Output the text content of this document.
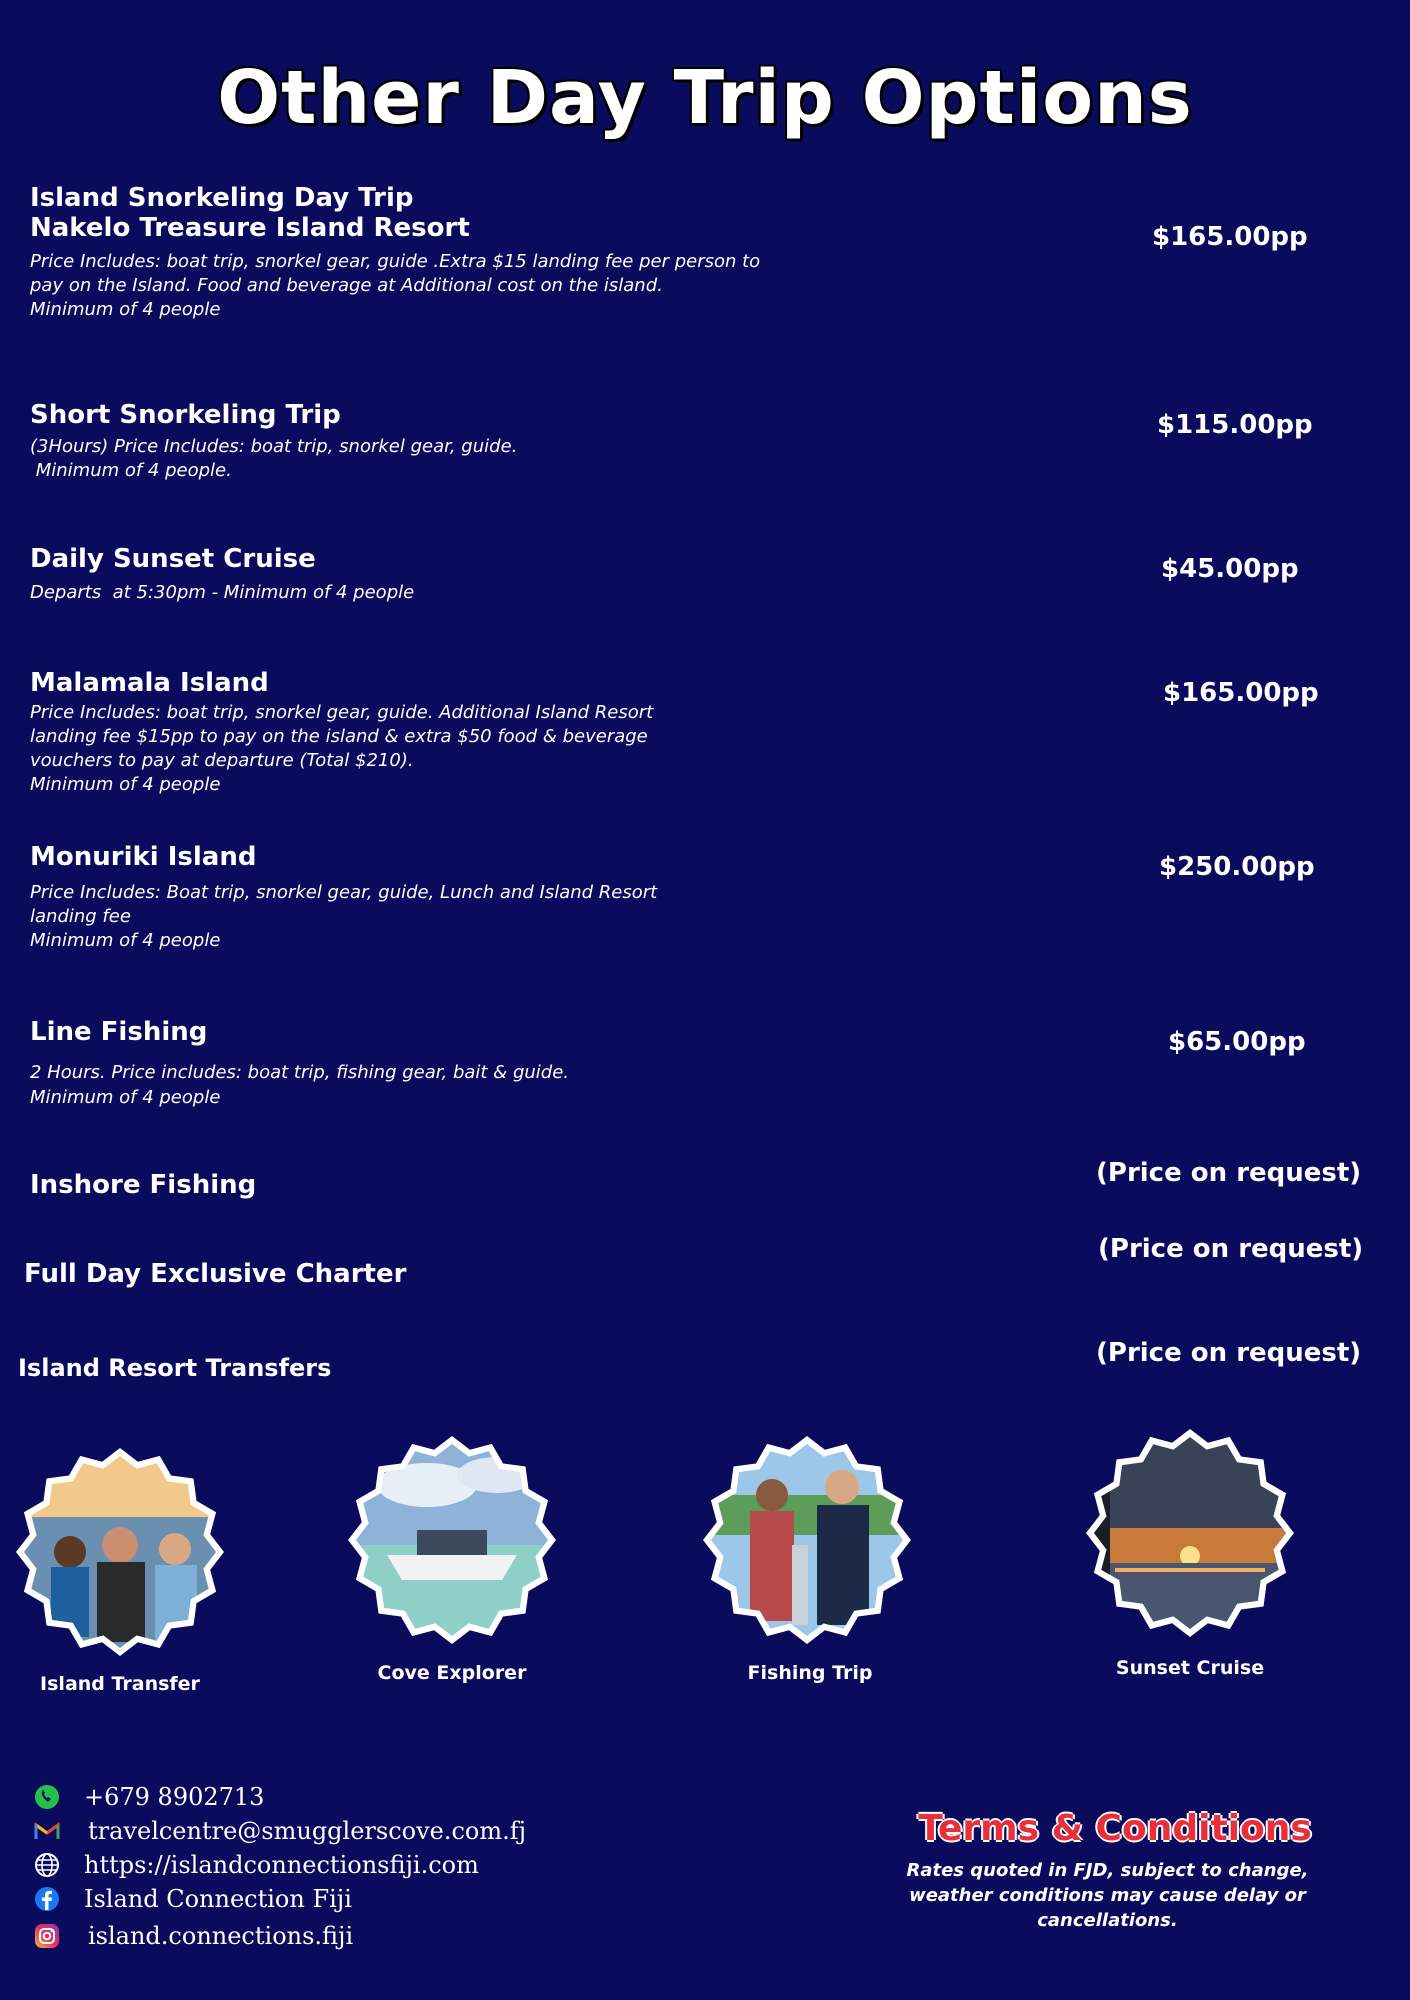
Other Day Trip Options
Island Snorkeling Day Trip
Nakelo Treasure Island Resort
Price Includes: boat trip, snorkel gear, guide .Extra $15 landing fee per person to
pay on the Island. Food and beverage at Additional cost on the island.
Minimum of 4 people
$165.00pp
Short Snorkeling Trip
(3Hours) Price Includes: boat trip, snorkel gear, guide.
Minimum of 4 people.
$115.00pp
Daily Sunset Cruise
Departs  at 5:30pm - Minimum of 4 people
$45.00pp
Malamala Island
Price Includes: boat trip, snorkel gear, guide. Additional Island Resort
landing fee $15pp to pay on the island & extra $50 food & beverage
vouchers to pay at departure (Total $210).
Minimum of 4 people
$165.00pp
Monuriki Island
Price Includes: Boat trip, snorkel gear, guide, Lunch and Island Resort
landing fee
Minimum of 4 people
$250.00pp
Line Fishing
2 Hours. Price includes: boat trip, fishing gear, bait & guide.
Minimum of 4 people
$65.00pp
Inshore Fishing	(Price on request)
Full Day Exclusive Charter
(Price on request)
Island Resort Transfers	(Price on request)
Island Transfer	Cove Explorer	Fishing Trip	Sunset Cruise
+679 8902713
travelcentre@smugglerscove.com.fj
https://islandconnectionsfiji.com
Island Connection Fiji
island.connections.fiji
Terms & Conditions
Rates quoted in FJD, subject to change, weather conditions may cause delay or cancellations.
